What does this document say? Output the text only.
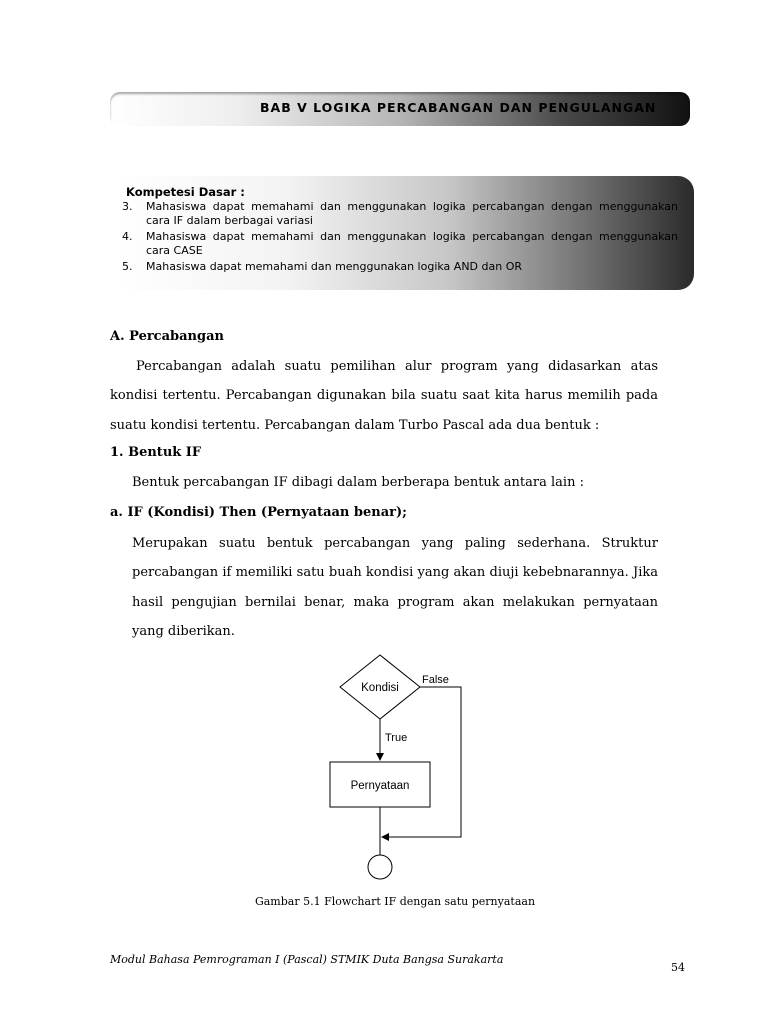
BAB V LOGIKA PERCABANGAN DAN PENGULANGAN
Kompetesi Dasar :
3. Mahasiswa dapat memahami dan menggunakan logika percabangan dengan menggunakan cara IF dalam berbagai variasi
4. Mahasiswa dapat memahami dan menggunakan logika percabangan dengan menggunakan cara CASE
5. Mahasiswa dapat memahami dan menggunakan logika AND dan OR
A. Percabangan
Percabangan adalah suatu pemilihan alur program yang didasarkan atas kondisi tertentu. Percabangan digunakan bila suatu saat kita harus memilih pada suatu kondisi tertentu. Percabangan dalam Turbo Pascal ada dua bentuk :
1. Bentuk IF
Bentuk percabangan IF dibagi dalam berberapa bentuk antara lain :
a. IF (Kondisi) Then (Pernyataan benar);
Merupakan suatu bentuk percabangan yang paling sederhana. Struktur percabangan if memiliki satu buah kondisi yang akan diuji kebebnarannya. Jika hasil pengujian bernilai benar, maka program akan melakukan pernyataan yang diberikan.
Kondisi
False
True
Pernyataan
Gambar 5.1 Flowchart IF dengan satu pernyataan
Modul Bahasa Pemrograman I (Pascal) STMIK Duta Bangsa Surakarta
54
